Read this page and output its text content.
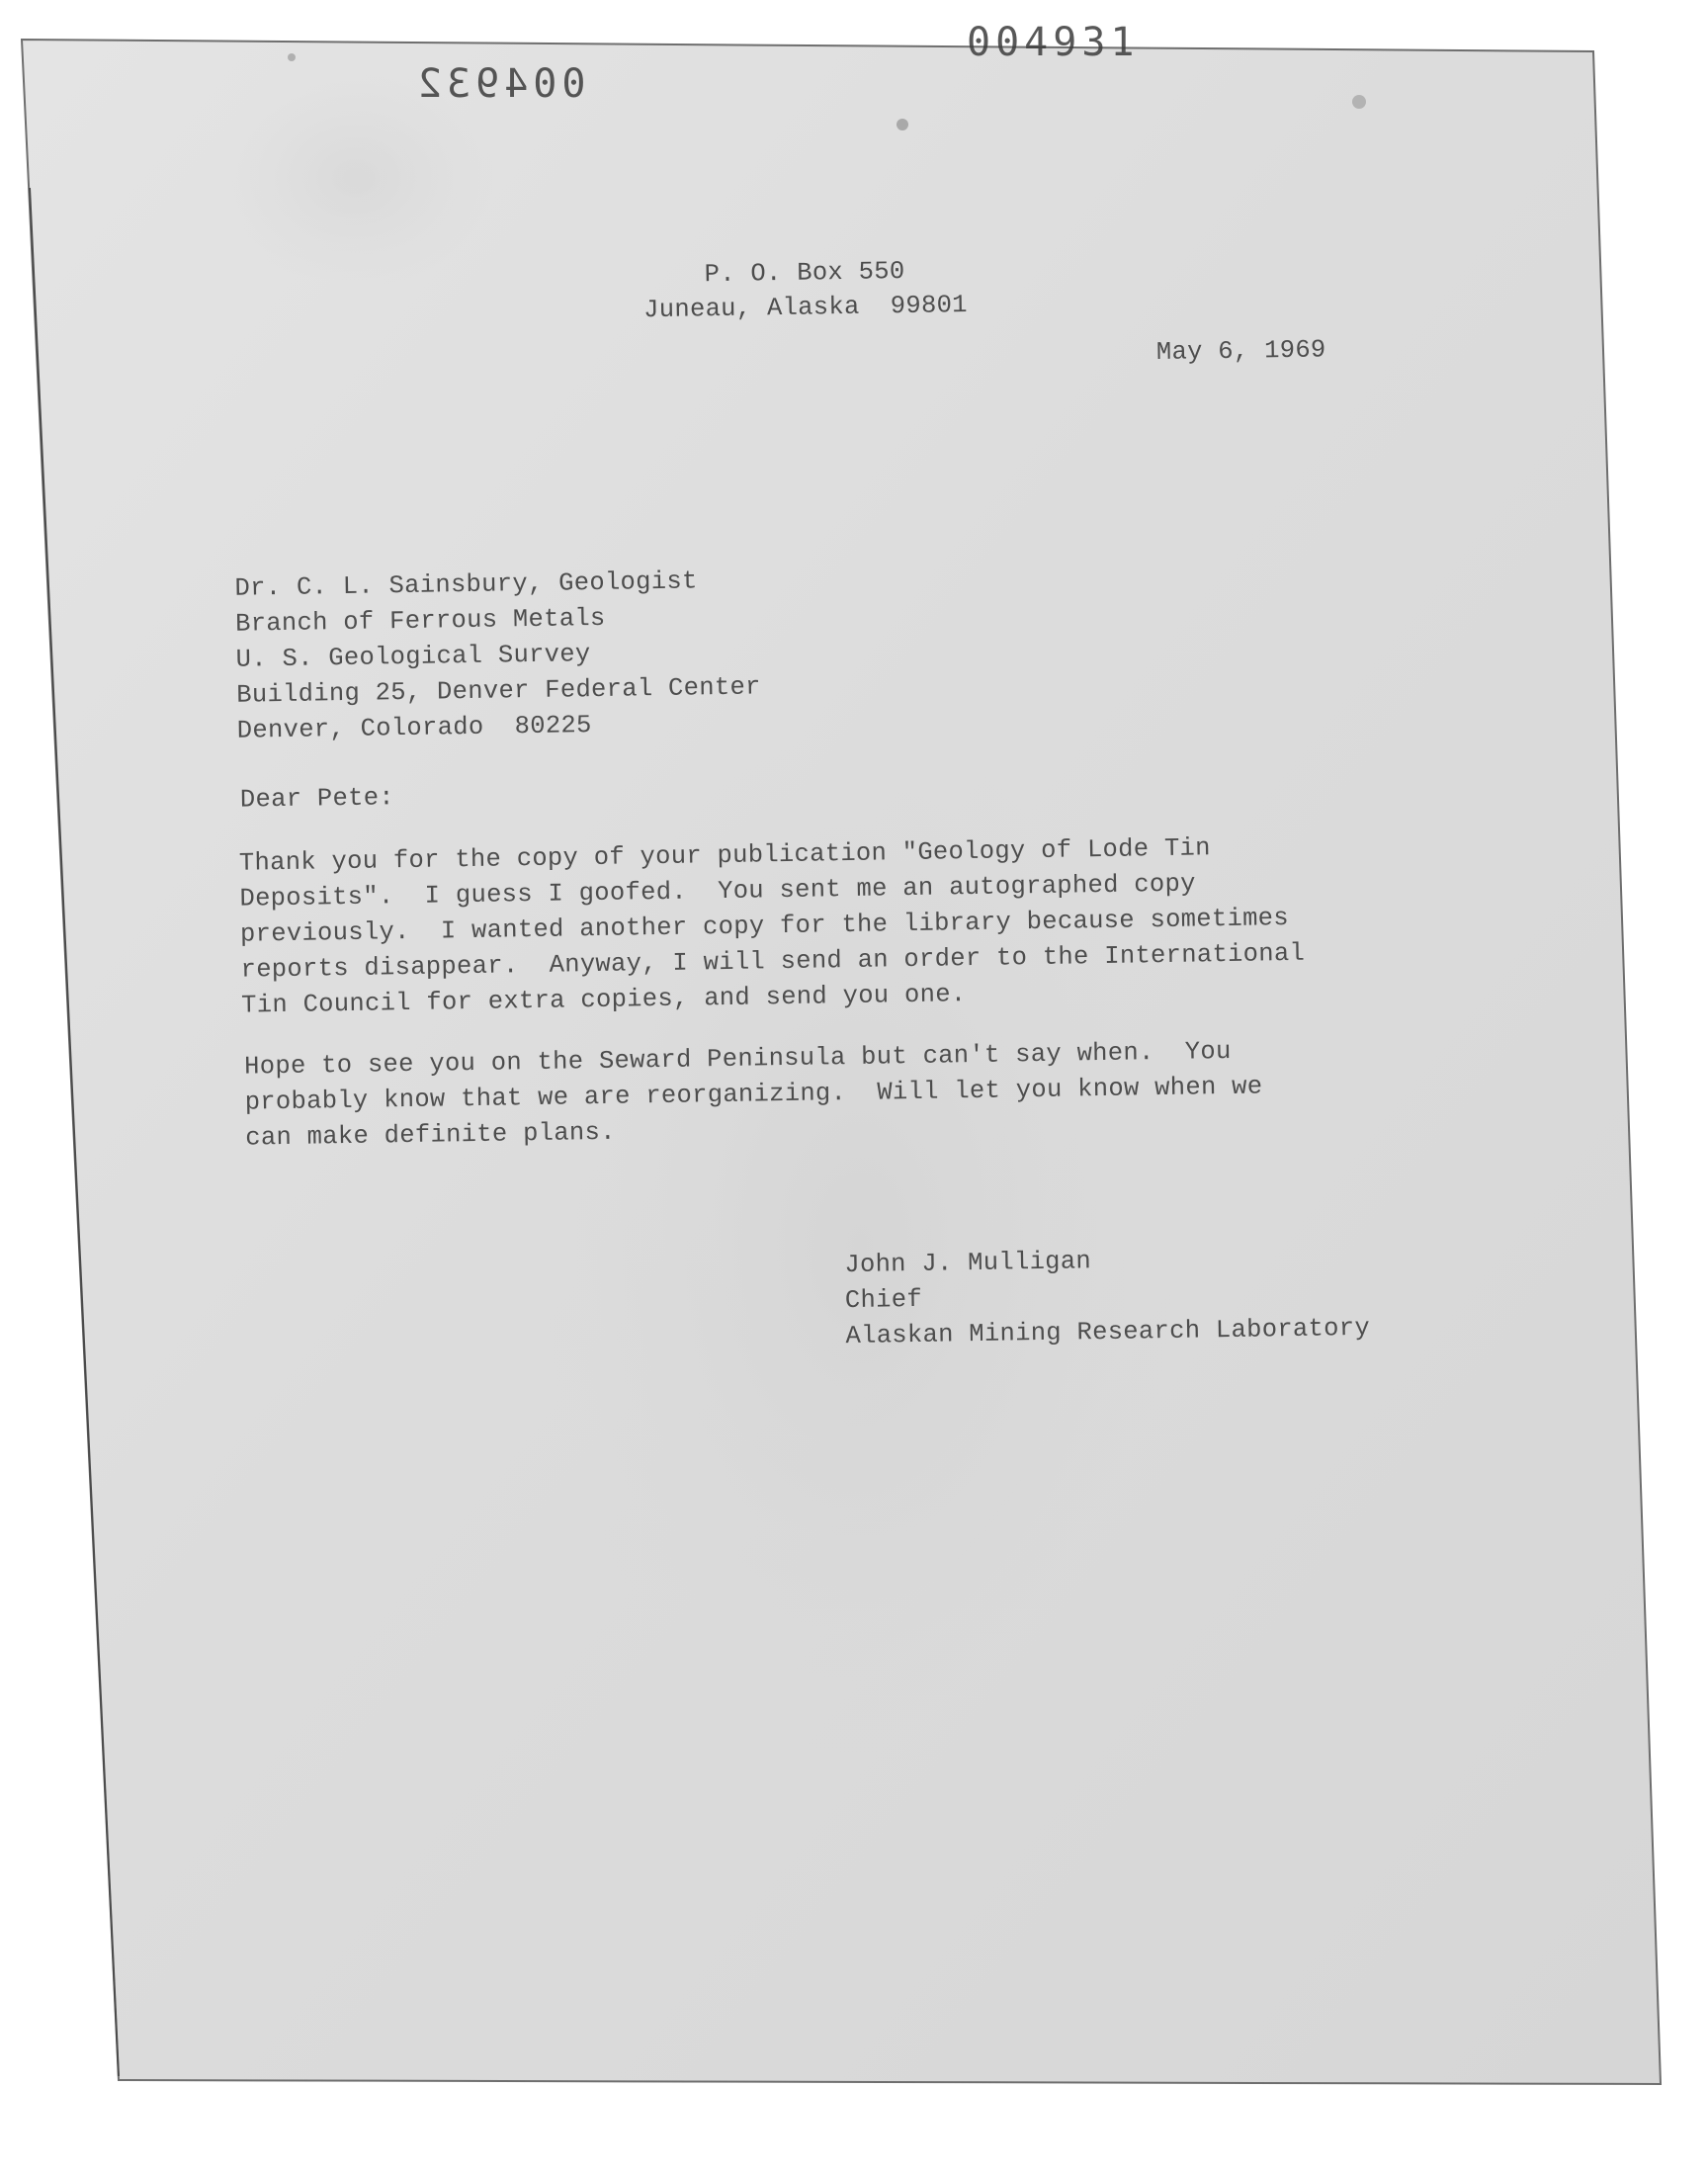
004931
004932
P. O. Box 550
Juneau, Alaska  99801
May 6, 1969
Dr. C. L. Sainsbury, Geologist
Branch of Ferrous Metals
U. S. Geological Survey
Building 25, Denver Federal Center
Denver, Colorado  80225
Dear Pete:
Thank you for the copy of your publication "Geology of Lode Tin
Deposits".  I guess I goofed.  You sent me an autographed copy
previously.  I wanted another copy for the library because sometimes
reports disappear.  Anyway, I will send an order to the International
Tin Council for extra copies, and send you one.
Hope to see you on the Seward Peninsula but can't say when.  You
probably know that we are reorganizing.  Will let you know when we
can make definite plans.
John J. Mulligan
Chief
Alaskan Mining Research Laboratory
